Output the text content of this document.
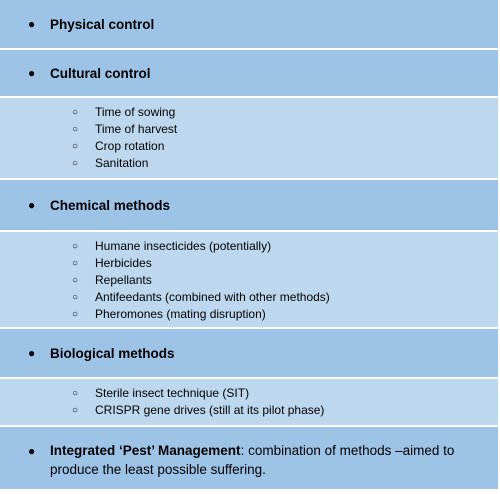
●	Physical control
●	Cultural control
○	Time of sowing
○	Time of harvest
○	Crop rotation
○	Sanitation
●	Chemical methods
○	Humane insecticides (potentially)
○	Herbicides
○	Repellants
○	Antifeedants (combined with other methods)
○	Pheromones (mating disruption)
●	Biological methods
○	Sterile insect technique (SIT)
○	CRISPR gene drives (still at its pilot phase)
●	Integrated ‘Pest’ Management: combination of methods –aimed to produce the least possible suffering.
